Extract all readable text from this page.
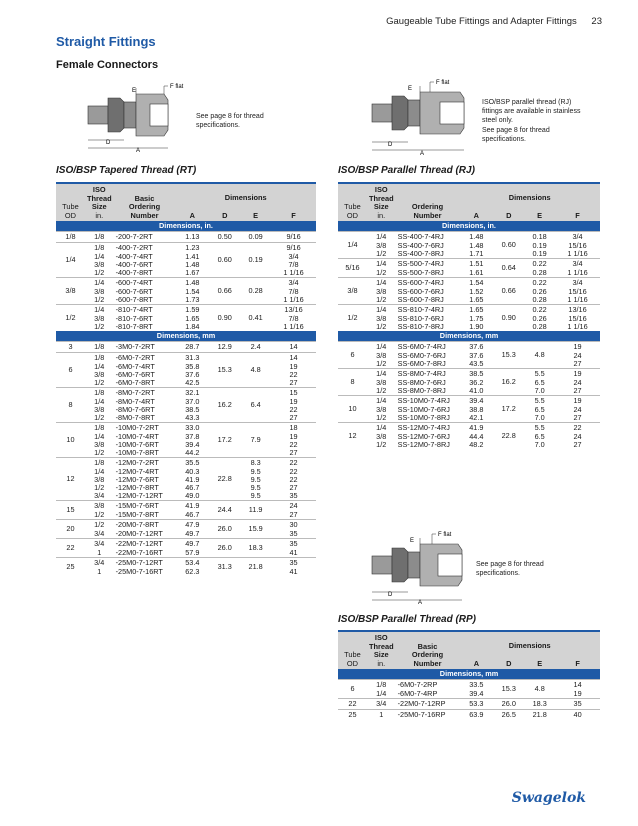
Gaugeable Tube Fittings and Adapter Fittings 23
Straight Fittings
Female Connectors
E
F flat
D
A
See page 8 for thread specifications.
E
F flat
D
A
ISO/BSP parallel thread (RJ) fittings are available in stainless steel only.
See page 8 for thread specifications.
ISO/BSP Tapered Thread (RT)	ISO/BSP Parallel Thread (RJ)
Tube
OD	ISO
Thread
Size	Basic
Ordering
Number	Dimensions			
	in.		A	D	E	F
Dimensions, in.						
1/8	1/8	-200-7-2RT	1.13	0.50	0.09	9/16
1/4	1/8	-400-7-2RT	1.23	0.60	0.19	9/16
	1/4	-400-7-4RT	1.41			3/4
	3/8	-400-7-6RT	1.48			7/8
	1/2	-400-7-8RT	1.67			1 1/16
3/8	1/4	-600-7-4RT	1.48	0.66	0.28	3/4
	3/8	-600-7-6RT	1.54			7/8
	1/2	-600-7-8RT	1.73			1 1/16
1/2	1/4	-810-7-4RT	1.59	0.90	0.41	13/16
	3/8	-810-7-6RT	1.65			7/8
	1/2	-810-7-8RT	1.84			1 1/16
Dimensions, mm						
3	1/8	-3M0-7-2RT	28.7	12.9	2.4	14
6	1/8	-6M0-7-2RT	31.3	15.3	4.8	14
	1/4	-6M0-7-4RT	35.8			19
	3/8	-6M0-7-6RT	37.6			22
	1/2	-6M0-7-8RT	42.5			27
8	1/8	-8M0-7-2RT	32.1	16.2	6.4	15
	1/4	-8M0-7-4RT	37.0			19
	3/8	-8M0-7-6RT	38.5			22
	1/2	-8M0-7-8RT	43.3			27
10	1/8	-10M0-7-2RT	33.0	17.2	7.9	18
	1/4	-10M0-7-4RT	37.8			19
	3/8	-10M0-7-6RT	39.4			22
	1/2	-10M0-7-8RT	44.2			27
12	1/8	-12M0-7-2RT	35.5	22.8	8.3	22
	1/4	-12M0-7-4RT	40.3		9.5	22
	3/8	-12M0-7-6RT	41.9		9.5	22
	1/2	-12M0-7-8RT	46.7		9.5	27
	3/4	-12M0-7-12RT	49.0		9.5	35
15	3/8	-15M0-7-6RT	41.9	24.4	11.9	24
	1/2	-15M0-7-8RT	46.7			27
20	1/2	-20M0-7-8RT	47.9	26.0	15.9	30
	3/4	-20M0-7-12RT	49.7			35
22	3/4	-22M0-7-12RT	49.7	26.0	18.3	35
	1	-22M0-7-16RT	57.9			41
25	3/4	-25M0-7-12RT	53.4	31.3	21.8	35
	1	-25M0-7-16RT	62.3			41
Tube
OD	ISO
Thread
Size	Ordering
Number	Dimensions			
	in.		A	D	E	F
Dimensions, in.						
1/4	1/4	SS-400-7-4RJ	1.48	0.60	0.18	3/4
	3/8	SS-400-7-6RJ	1.48		0.19	15/16
	1/2	SS-400-7-8RJ	1.71		0.19	1 1/16
5/16	1/4	SS-500-7-4RJ	1.51	0.64	0.22	3/4
	1/2	SS-500-7-8RJ	1.61		0.28	1 1/16
3/8	1/4	SS-600-7-4RJ	1.54	0.66	0.22	3/4
	3/8	SS-600-7-6RJ	1.52		0.26	15/16
	1/2	SS-600-7-8RJ	1.65		0.28	1 1/16
1/2	1/4	SS-810-7-4RJ	1.65	0.90	0.22	13/16
	3/8	SS-810-7-6RJ	1.75		0.26	15/16
	1/2	SS-810-7-8RJ	1.90		0.28	1 1/16
Dimensions, mm						
6	1/4	SS-6M0-7-4RJ	37.6	15.3	4.8	19
	3/8	SS-6M0-7-6RJ	37.6			24
	1/2	SS-6M0-7-8RJ	43.5			27
8	1/4	SS-8M0-7-4RJ	38.5	16.2	5.5	19
	3/8	SS-8M0-7-6RJ	36.2		6.5	24
	1/2	SS-8M0-7-8RJ	41.0		7.0	27
10	1/4	SS-10M0-7-4RJ	39.4	17.2	5.5	19
	3/8	SS-10M0-7-6RJ	38.8		6.5	24
	1/2	SS-10M0-7-8RJ	42.1		7.0	27
12	1/4	SS-12M0-7-4RJ	41.9	22.8	5.5	22
	3/8	SS-12M0-7-6RJ	44.4		6.5	24
	1/2	SS-12M0-7-8RJ	48.2		7.0	27
E
F flat
D
A
See page 8 for thread specifications.
ISO/BSP Parallel Thread (RP)
Tube
OD	ISO
Thread
Size	Basic
Ordering
Number	Dimensions			
	in.		A	D	E	F
Dimensions, mm						
6	1/8	-6M0-7-2RP	33.5	15.3	4.8	14
	1/4	-6M0-7-4RP	39.4			19
22	3/4	-22M0-7-12RP	53.3	26.0	18.3	35
25	1	-25M0-7-16RP	63.9	26.5	21.8	40
Swagelok
